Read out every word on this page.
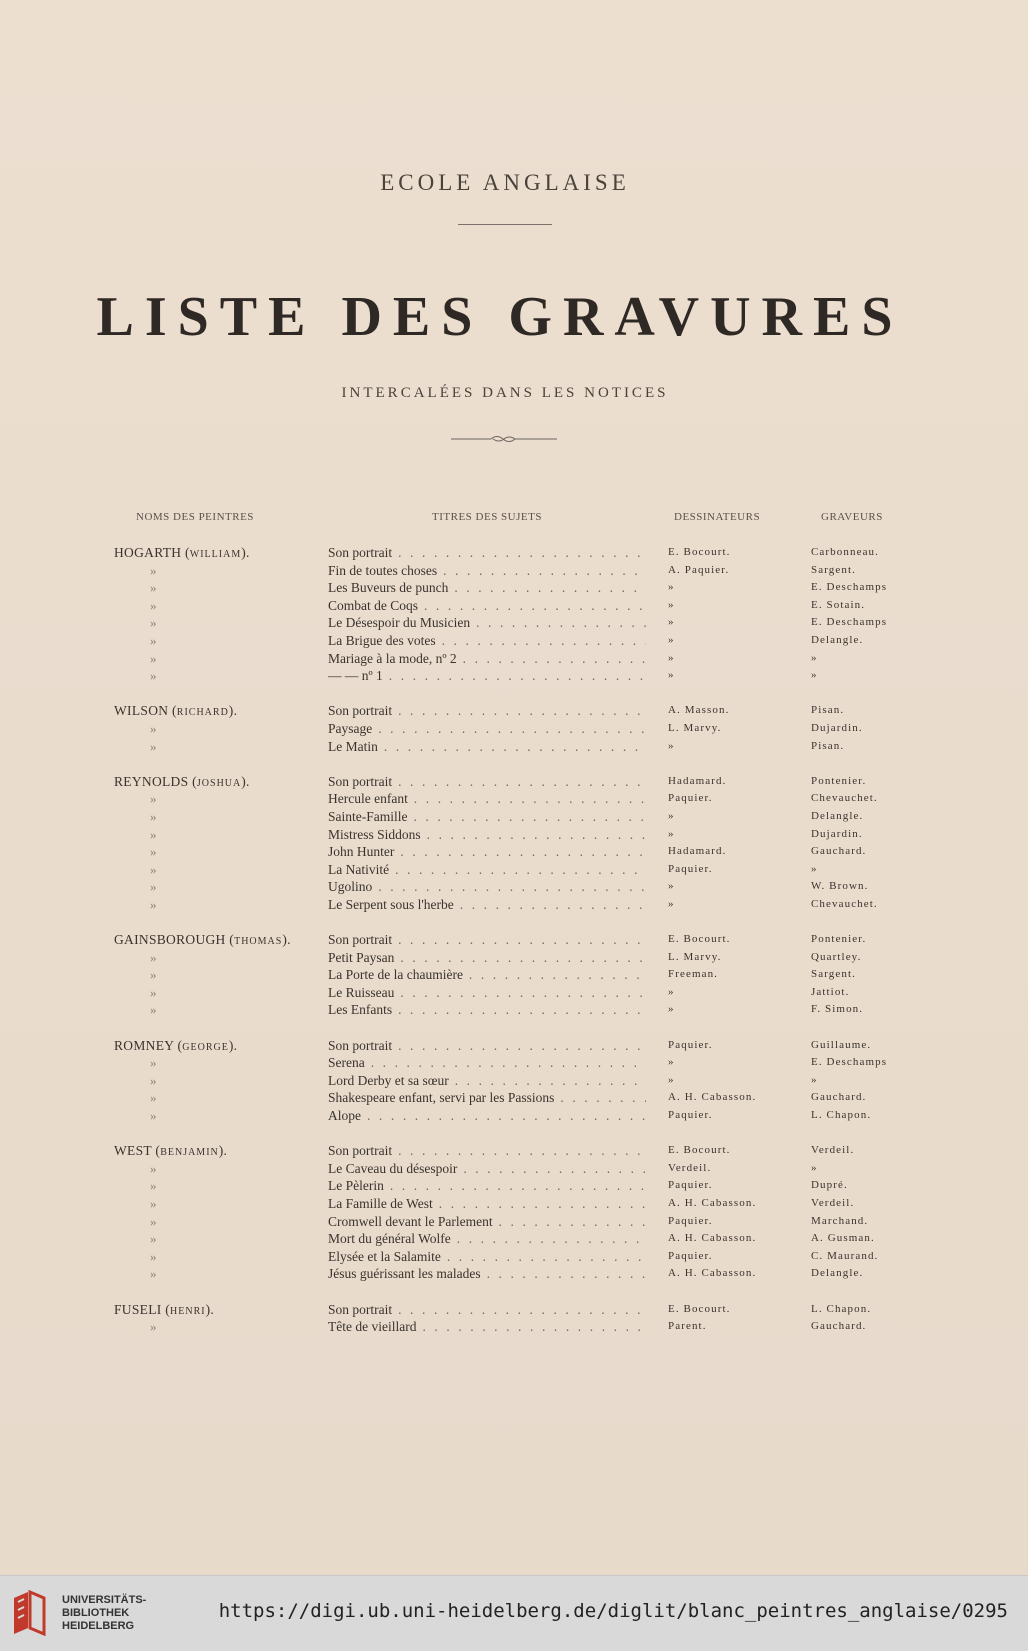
ECOLE ANGLAISE
LISTE DES GRAVURES
INTERCALÉES DANS LES NOTICES
NOMS DES PEINTRES	TITRES DES SUJETS	DESSINATEURS	GRAVEURS
HOGARTH (WILLIAM).	Son portrait . . .	E. Bocourt.	Carbonneau.
»	Fin de toutes choses . . .	A. Paquier.	Sargent.
»	Les Buveurs de punch . . .	»	E. Deschamps
»	Combat de Coqs . . .	»	E. Sotain.
»	Le Désespoir du Musicien . . .	»	E. Deschamps
»	La Brigue des votes . . .	»	Delangle.
»	Mariage à la mode, nº 2 . . .	»	»
»	— — nº 1 . . .	»	»
WILSON (RICHARD).	Son portrait . . .	A. Masson.	Pisan.
»	Paysage . . .	L. Marvy.	Dujardin.
»	Le Matin . . .	»	Pisan.
REYNOLDS (JOSHUA).	Son portrait . . .	Hadamard.	Pontenier.
»	Hercule enfant . . .	Paquier.	Chevauchet.
»	Sainte-Famille . . .	»	Delangle.
»	Mistress Siddons . . .	»	Dujardin.
»	John Hunter . . .	Hadamard.	Gauchard.
»	La Nativité . . .	Paquier.	»
»	Ugolino . . .	»	W. Brown.
»	Le Serpent sous l'herbe . . .	»	Chevauchet.
GAINSBOROUGH (THOMAS).	Son portrait . . .	E. Bocourt.	Pontenier.
»	Petit Paysan . . .	L. Marvy.	Quartley.
»	La Porte de la chaumière . . .	Freeman.	Sargent.
»	Le Ruisseau . . .	»	Jattiot.
»	Les Enfants . . .	»	F. Simon.
ROMNEY (GEORGE).	Son portrait . . .	Paquier.	Guillaume.
»	Serena . . .	»	E. Deschamps
»	Lord Derby et sa sœur . . .	»	»
»	Shakespeare enfant, servi par les Passions . . .	A. H. Cabasson.	Gauchard.
»	Alope . . .	Paquier.	L. Chapon.
WEST (BENJAMIN).	Son portrait . . .	E. Bocourt.	Verdeil.
»	Le Caveau du désespoir . . .	Verdeil.	»
»	Le Pèlerin . . .	Paquier.	Dupré.
»	La Famille de West . . .	A. H. Cabasson.	Verdeil.
»	Cromwell devant le Parlement . . .	Paquier.	Marchand.
»	Mort du général Wolfe . . .	A. H. Cabasson.	A. Gusman.
»	Elysée et la Salamite . . .	Paquier.	C. Maurand.
»	Jésus guérissant les malades . . .	A. H. Cabasson.	Delangle.
FUSELI (HENRI).	Son portrait . . .	E. Bocourt.	L. Chapon.
»	Tête de vieillard . . .	Parent.	Gauchard.
UNIVERSITÄTS-
BIBLIOTHEK
HEIDELBERG
https://digi.ub.uni-heidelberg.de/diglit/blanc_peintres_anglaise/0295
